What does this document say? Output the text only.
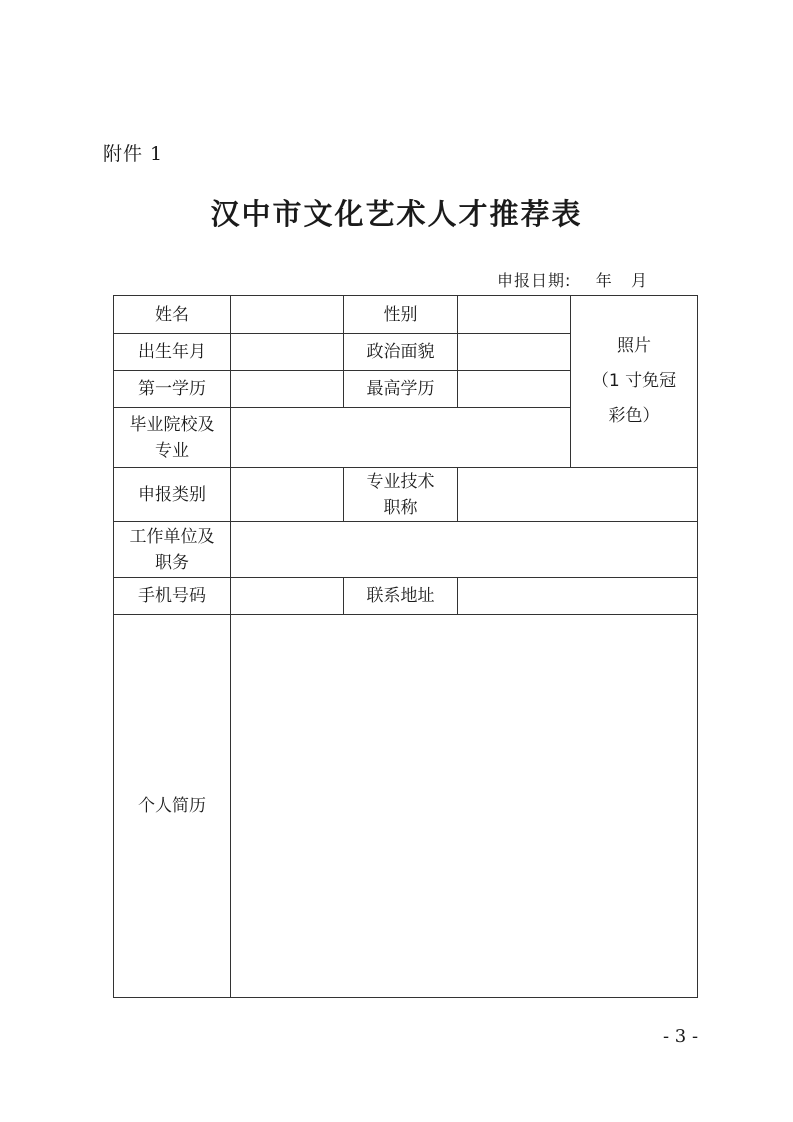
附件 1
汉中市文化艺术人才推荐表
申报日期:    年   月
姓名		性别		照片
（1 寸免冠
彩色）

出生年月		政治面貌		
第一学历		最高学历		

毕业院校及
专业				

申报类别		专业技术
职称		

工作单位及
职务				

手机号码		联系地址		
个人简历				
- 3 -
